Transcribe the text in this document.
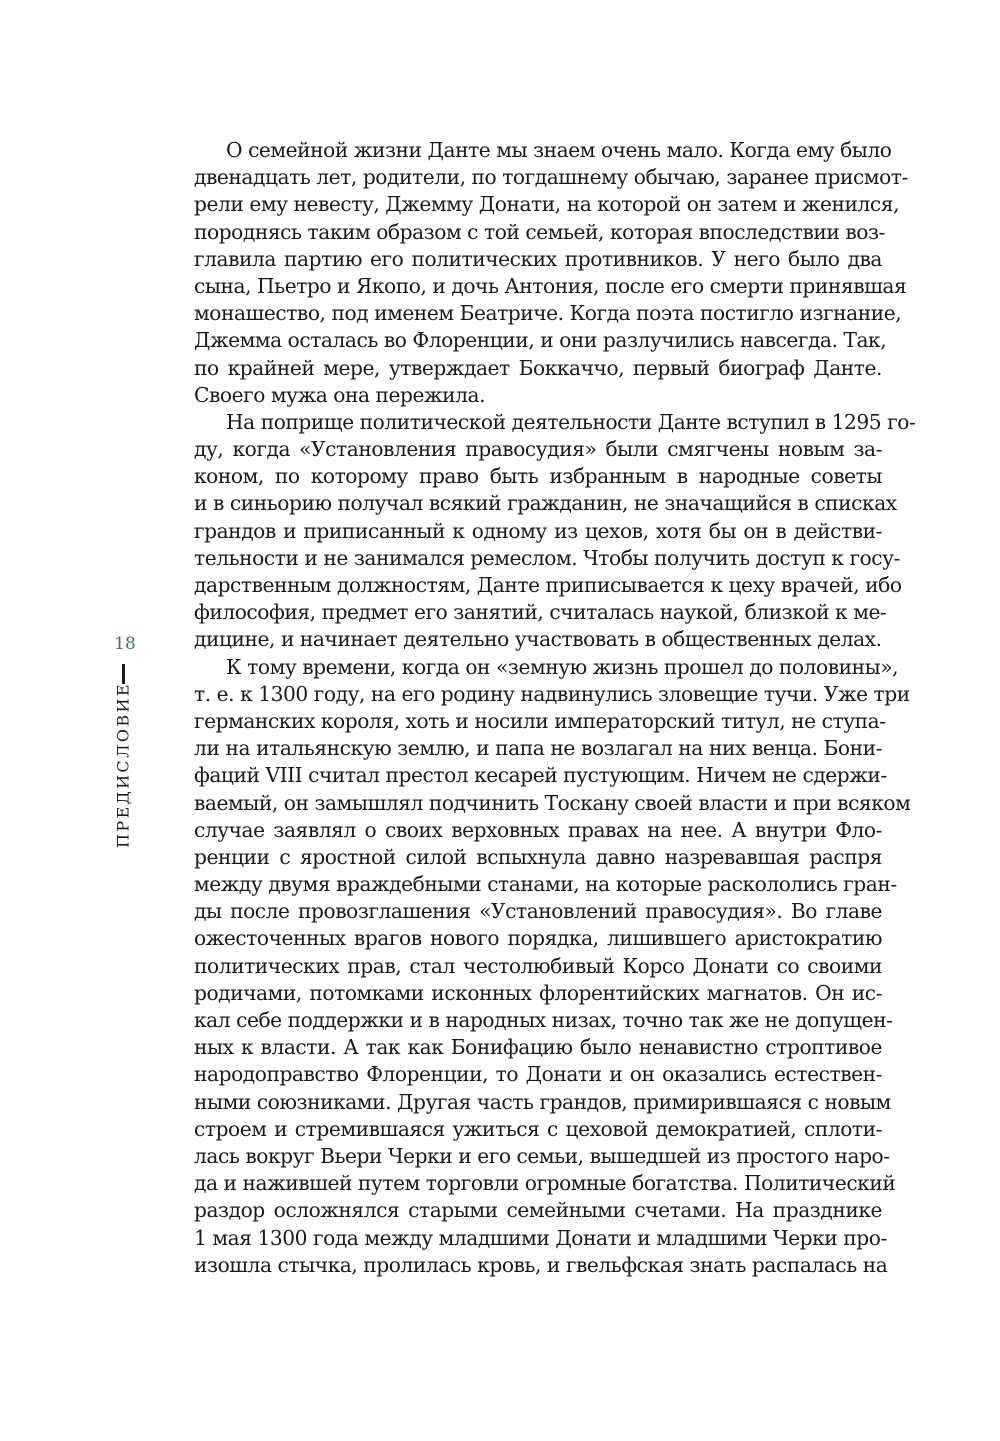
18
ПРЕДИСЛОВИЕ
О семейной жизни Данте мы знаем очень мало. Когда ему было
двенадцать лет, родители, по тогдашнему обычаю, заранее присмот-
рели ему невесту, Джемму Донати, на которой он затем и женился,
породнясь таким образом с той семьей, которая впоследствии воз-
главила партию его политических противников. У него было два
сына, Пьетро и Якопо, и дочь Антония, после его смерти принявшая
монашество, под именем Беатриче. Когда поэта постигло изгнание,
Джемма осталась во Флоренции, и они разлучились навсегда. Так,
по крайней мере, утверждает Боккаччо, первый биограф Данте.
Своего мужа она пережила.
На поприще политической деятельности Данте вступил в 1295 го-
ду, когда «Установления правосудия» были смягчены новым за-
коном, по которому право быть избранным в народные советы
и в синьорию получал всякий гражданин, не значащийся в списках
грандов и приписанный к одному из цехов, хотя бы он в действи-
тельности и не занимался ремеслом. Чтобы получить доступ к госу-
дарственным должностям, Данте приписывается к цеху врачей, ибо
философия, предмет его занятий, считалась наукой, близкой к ме-
дицине, и начинает деятельно участвовать в общественных делах.
К тому времени, когда он «земную жизнь прошел до половины»,
т. е. к 1300 году, на его родину надвинулись зловещие тучи. Уже три
германских короля, хоть и носили императорский титул, не ступа-
ли на итальянскую землю, и папа не возлагал на них венца. Бони-
фаций VIII считал престол кесарей пустующим. Ничем не сдержи-
ваемый, он замышлял подчинить Тоскану своей власти и при всяком
случае заявлял о своих верховных правах на нее. А внутри Фло-
ренции с яростной силой вспыхнула давно назревавшая распря
между двумя враждебными станами, на которые раскололись гран-
ды после провозглашения «Установлений правосудия». Во главе
ожесточенных врагов нового порядка, лишившего аристократию
политических прав, стал честолюбивый Корсо Донати со своими
родичами, потомками исконных флорентийских магнатов. Он ис-
кал себе поддержки и в народных низах, точно так же не допущен-
ных к власти. А так как Бонифацию было ненавистно строптивое
народоправство Флоренции, то Донати и он оказались естествен-
ными союзниками. Другая часть грандов, примирившаяся с новым
строем и стремившаяся ужиться с цеховой демократией, сплоти-
лась вокруг Вьери Черки и его семьи, вышедшей из простого наро-
да и нажившей путем торговли огромные богатства. Политический
раздор осложнялся старыми семейными счетами. На празднике
1 мая 1300 года между младшими Донати и младшими Черки про-
изошла стычка, пролилась кровь, и гвельфская знать распалась на
